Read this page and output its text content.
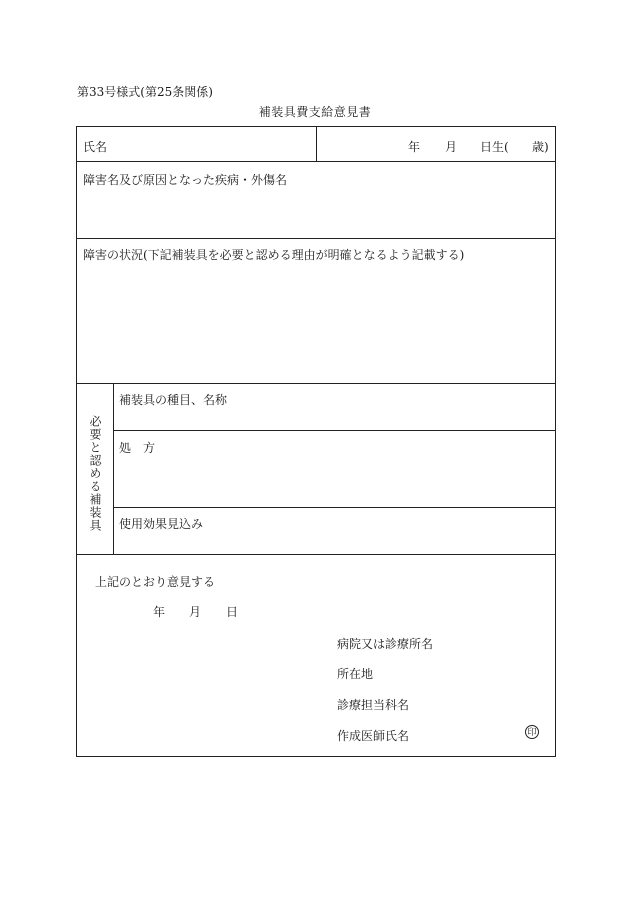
第33号様式(第25条関係)
補装具費支給意見書
氏名	年 月 日生( 歳)
障害名及び原因となった疾病・外傷名
障害の状況(下記補装具を必要と認める理由が明確となるよう記載する)
必要と認める補装具
補装具の種目、名称
処　方
使用効果見込み
上記のとおり意見する
年 月 日
病院又は診療所名
所在地
診療担当科名
作成医師氏名	印
